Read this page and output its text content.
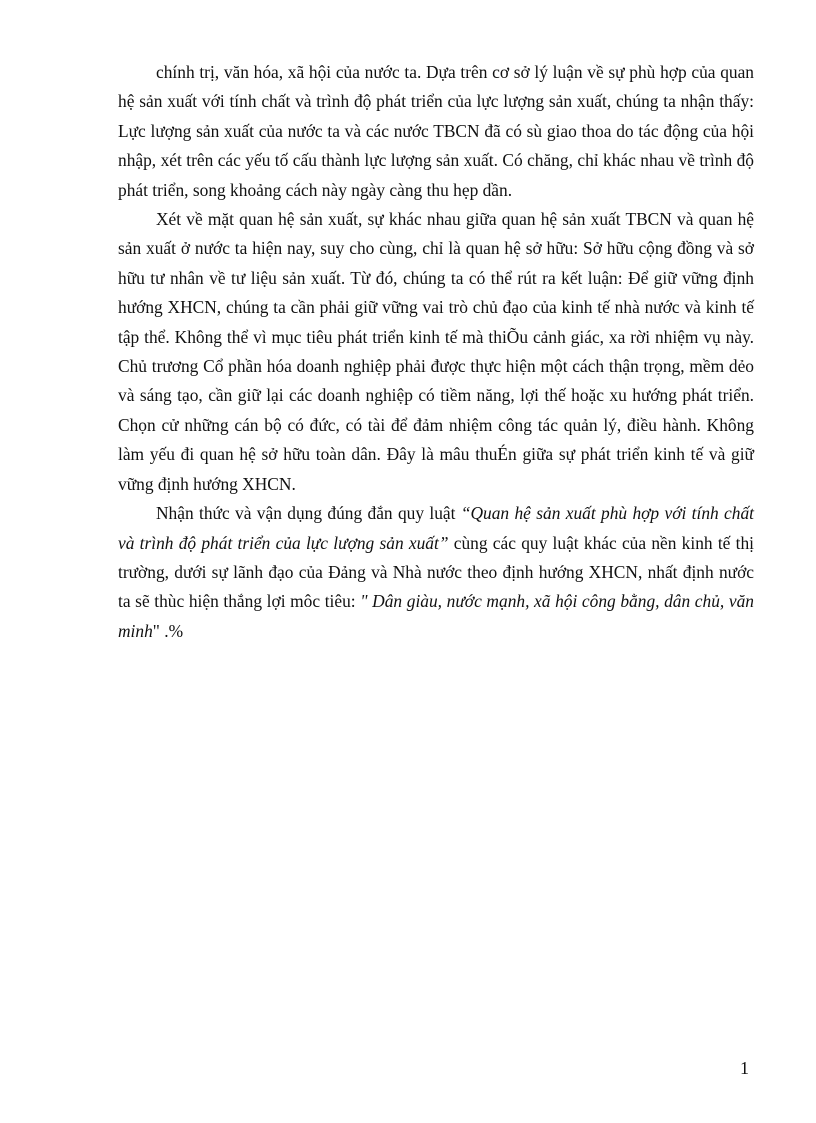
chính trị, văn hóa, xã hội của nước ta. Dựa trên cơ sở lý luận về sự phù hợp của quan hệ sản xuất với tính chất và trình độ phát triển của lực lượng sản xuất, chúng ta nhận thấy: Lực lượng sản xuất của nước ta và các nước TBCN đã có sù giao thoa do tác động của hội nhập, xét trên các yếu tố cấu thành lực lượng sản xuất. Có chăng, chỉ khác nhau về trình độ phát triển, song khoảng cách này ngày càng thu hẹp dần.

Xét về mặt quan hệ sản xuất, sự khác nhau giữa quan hệ sản xuất TBCN và quan hệ sản xuất ở nước ta hiện nay, suy cho cùng, chỉ là quan hệ sở hữu: Sở hữu cộng đồng và sở hữu tư nhân về tư liệu sản xuất. Từ đó, chúng ta có thể rút ra kết luận: Để giữ vững định hướng XHCN, chúng ta cần phải giữ vững vai trò chủ đạo của kinh tế nhà nước và kinh tế tập thể. Không thể vì mục tiêu phát triển kinh tế mà thiÕu cảnh giác, xa rời nhiệm vụ này. Chủ trương Cổ phần hóa doanh nghiệp phải được thực hiện một cách thận trọng, mềm dẻo và sáng tạo, cần giữ lại các doanh nghiệp có tiềm năng, lợi thế hoặc xu hướng phát triển. Chọn cử những cán bộ có đức, có tài để đảm nhiệm công tác quản lý, điều hành. Không làm yếu đi quan hệ sở hữu toàn dân. Đây là mâu thuÉn giữa sự phát triển kinh tế và giữ vững định hướng XHCN.

Nhận thức và vận dụng đúng đắn quy luật “Quan hệ sản xuất phù hợp với tính chất và trình độ phát triển của lực lượng sản xuất” cùng các quy luật khác của nền kinh tế thị trường, dưới sự lãnh đạo của Đảng và Nhà nước theo định hướng XHCN, nhất định nước ta sẽ thùc hiện thắng lợi môc tiêu: " Dân giàu, nước mạnh, xã hội công bằng, dân chủ, văn minh" .%

1
